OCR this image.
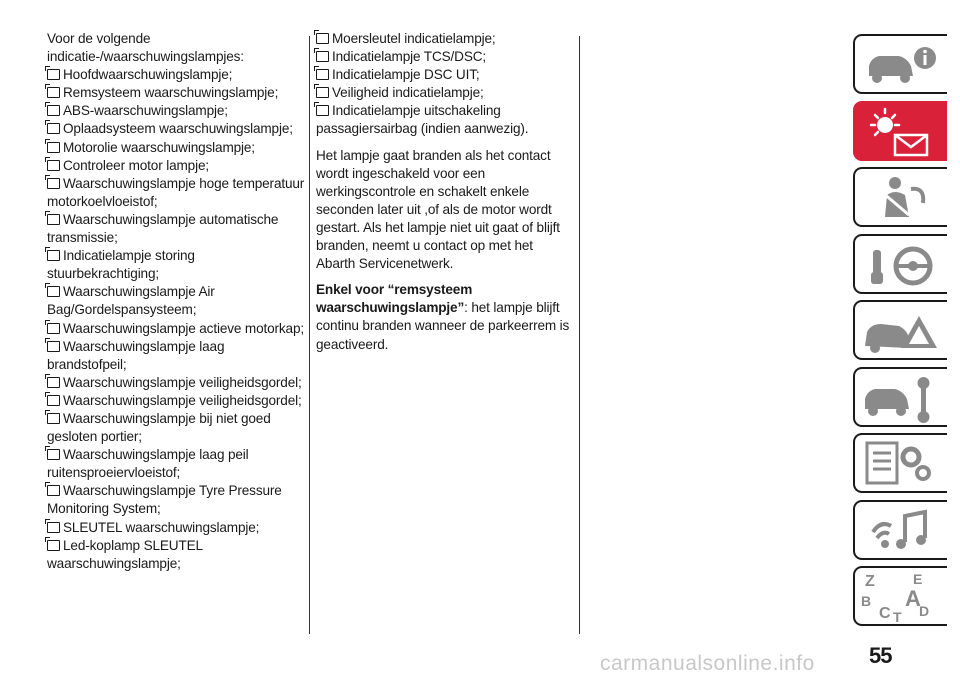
Voor de volgende indicatie-/waarschuwingslampjes:
Hoofdwaarschuwingslampje;
Remsysteem waarschuwingslampje;
ABS-waarschuwingslampje;
Oplaadsysteem waarschuwingslampje;
Motorolie waarschuwingslampje;
Controleer motor lampje;
Waarschuwingslampje hoge temperatuur motorkoelvloeistof;
Waarschuwingslampje automatische transmissie;
Indicatielampje storing stuurbekrachtiging;
Waarschuwingslampje Air Bag/Gordelspansysteem;
Waarschuwingslampje actieve motorkap;
Waarschuwingslampje laag brandstofpeil;
Waarschuwingslampje veiligheidsgordel;
Waarschuwingslampje veiligheidsgordel;
Waarschuwingslampje bij niet goed gesloten portier;
Waarschuwingslampje laag peil ruitensproeiervloeistof;
Waarschuwingslampje Tyre Pressure Monitoring System;
SLEUTEL waarschuwingslampje;
Led-koplamp SLEUTEL waarschuwingslampje;
Moersleutel indicatielampje;
Indicatielampje TCS/DSC;
Indicatielampje DSC UIT;
Veiligheid indicatielampje;
Indicatielampje uitschakeling passagiersairbag (indien aanwezig).

Het lampje gaat branden als het contact wordt ingeschakeld voor een werkingscontrole en schakelt enkele seconden later uit ,of als de motor wordt gestart. Als het lampje niet uit gaat of blijft branden, neemt u contact op met het Abarth Servicenetwerk.

Enkel voor “remsysteem waarschuwingslampje”: het lampje blijft continu branden wanneer de parkeerrem is geactiveerd.

Z	E
B A
C T D
55
carmanualsonline.info
